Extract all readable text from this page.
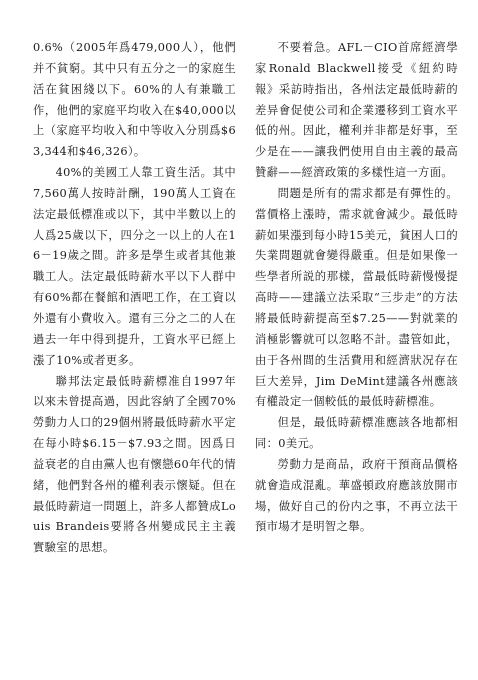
0.6%（2005年爲479,000人），他們并不貧窮。其中只有五分之一的家庭生活在貧困綫以下。60%的人有兼職工作，他們的家庭平均收入在$40,000以上（家庭平均收入和中等收入分別爲$63,344和$46,326）。

40%的美國工人靠工資生活。其中7,560萬人按時計酬，190萬人工資在法定最低標准或以下，其中半數以上的人爲25歲以下，四分之一以上的人在16－19歲之間。許多是學生或者其他兼職工人。法定最低時薪水平以下人群中有60%都在餐館和酒吧工作，在工資以外還有小費收入。還有三分之二的人在過去一年中得到提升，工資水平已經上漲了10%或者更多。

聯邦法定最低時薪標准自1997年以來未曾提高過，因此容納了全國70%勞動力人口的29個州將最低時薪水平定在每小時$6.15－$7.93之間。因爲日益衰老的自由黨人也有懷戀60年代的情緒，他們對各州的權利表示懷疑。但在最低時薪這一問題上，許多人都贊成Louis Brandeis要將各州變成民主主義實驗室的思想。

不要着急。AFL－CIO首席經濟學家Ronald Blackwell接受《紐約時報》采訪時指出，各州法定最低時薪的差异會促使公司和企業遷移到工資水平低的州。因此，權利并非都是好事，至少是在——讓我們使用自由主義的最高贊辭——經濟政策的多樣性這一方面。

問題是所有的需求都是有彈性的。當價格上漲時，需求就會減少。最低時薪如果漲到每小時15美元，貧困人口的失業問題就會變得嚴重。但是如果像一些學者所説的那樣，當最低時薪慢慢提高時——建議立法采取“三步走”的方法將最低時薪提高至$7.25——對就業的消極影響就可以忽略不計。盡管如此，由于各州間的生活費用和經濟狀况存在巨大差异，Jim DeMint建議各州應該有權設定一個較低的最低時薪標准。

但是，最低時薪標准應該各地都相同：0美元。

勞動力是商品，政府干預商品價格就會造成混亂。華盛頓政府應該放開市場，做好自己的份内之事，不再立法干預市場才是明智之舉。
